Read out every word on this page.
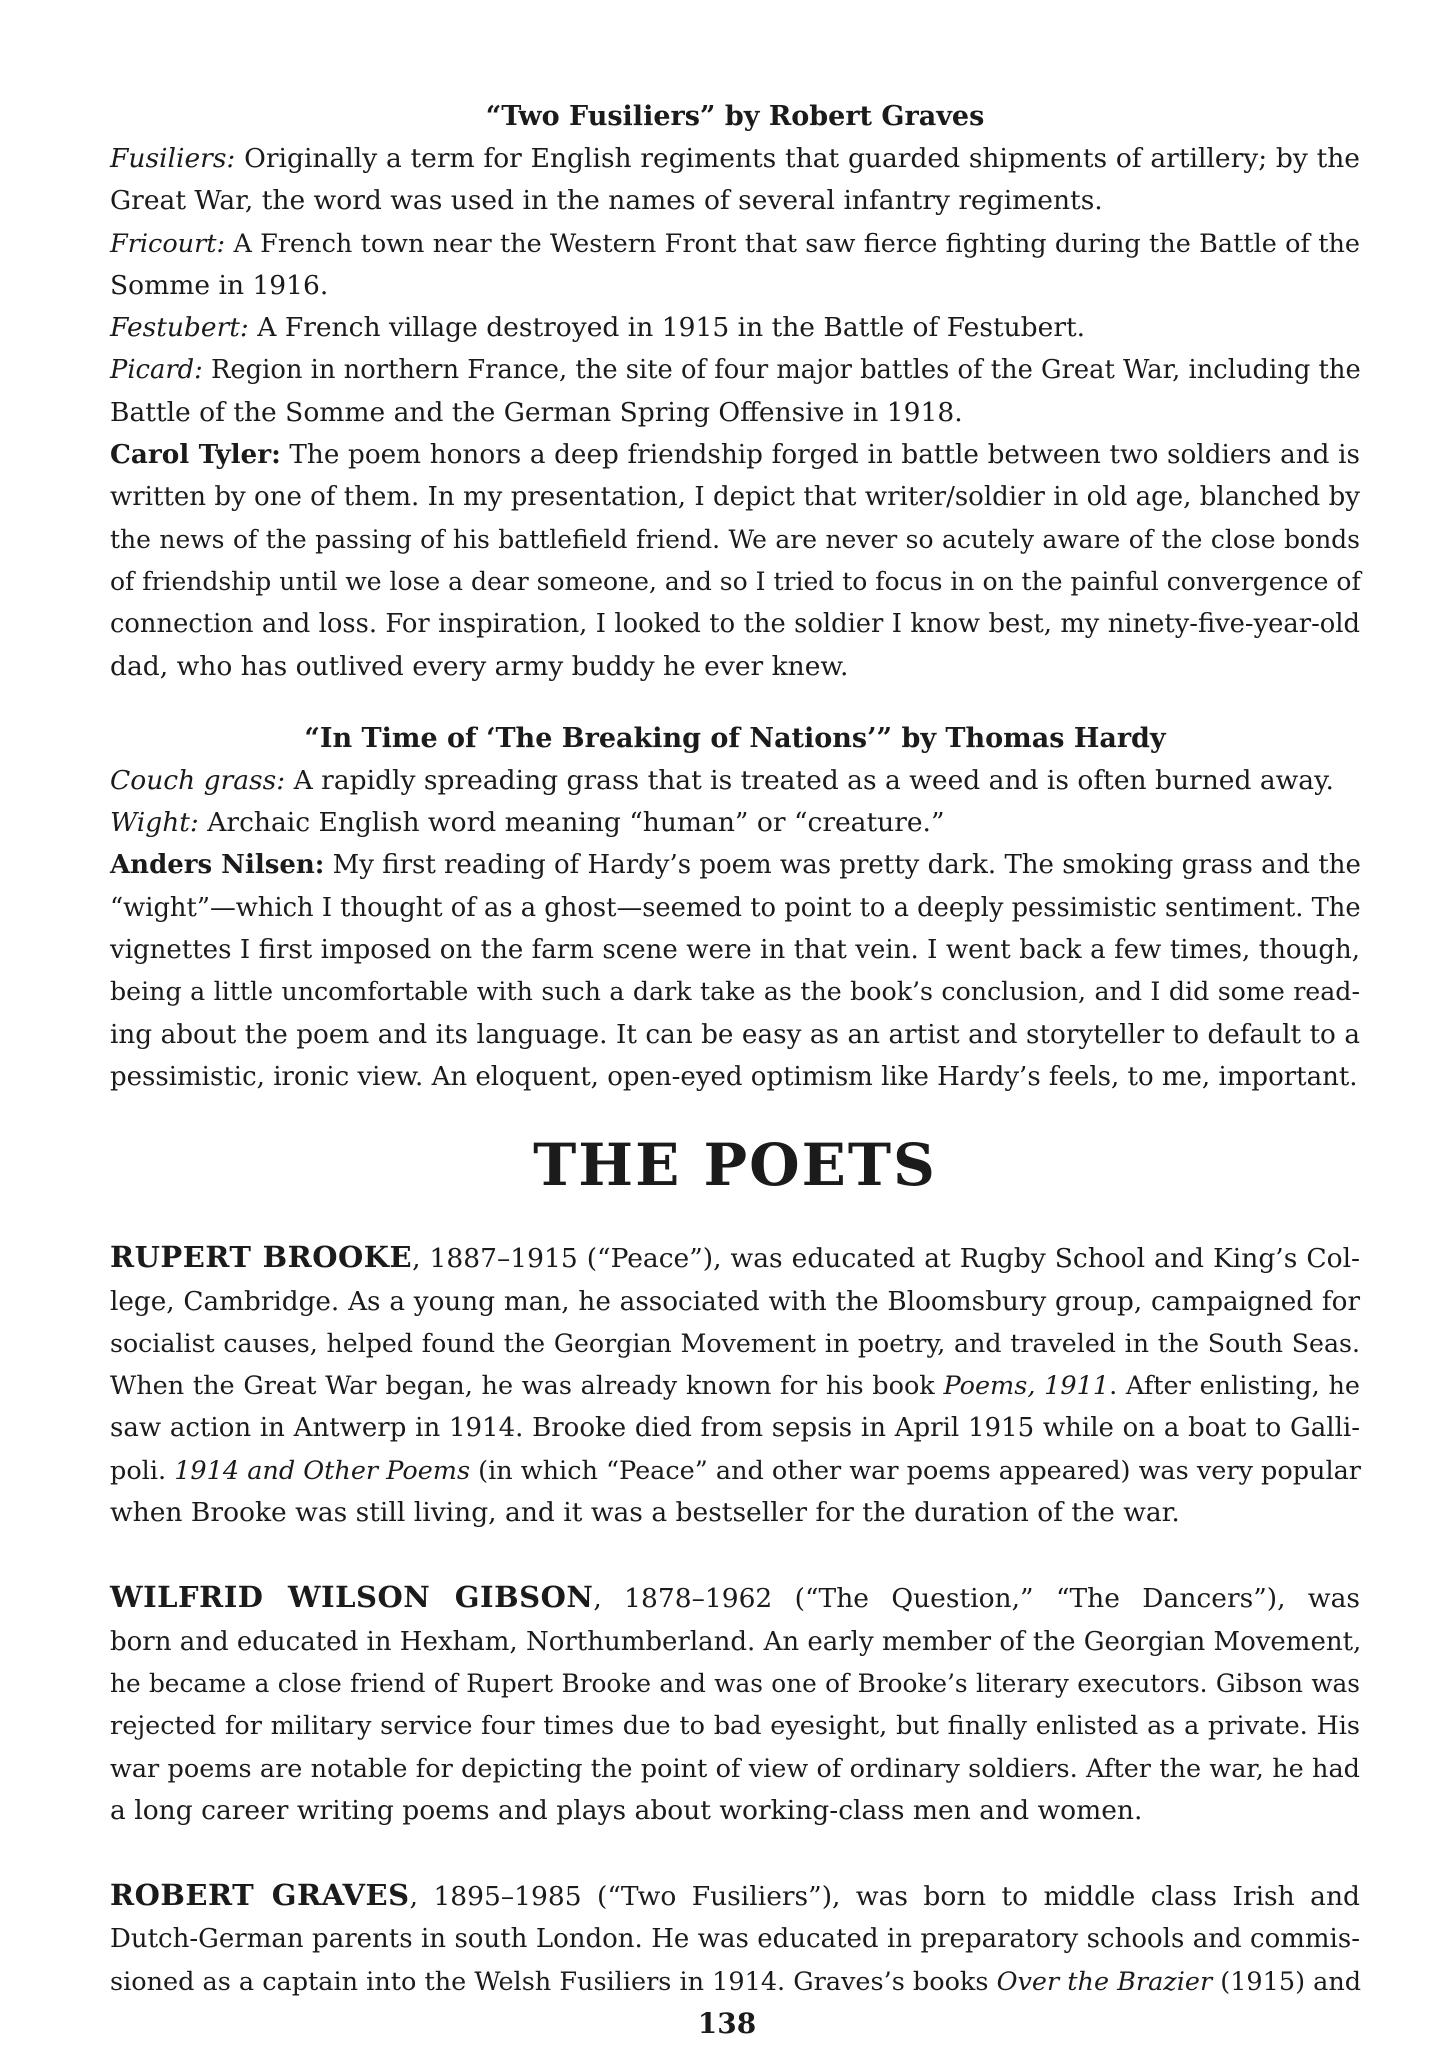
“Two Fusiliers” by Robert Graves
Fusiliers: Originally a term for English regiments that guarded shipments of artillery; by the
Great War, the word was used in the names of several infantry regiments.
Fricourt: A French town near the Western Front that saw fierce fighting during the Battle of the
Somme in 1916.
Festubert: A French village destroyed in 1915 in the Battle of Festubert.
Picard: Region in northern France, the site of four major battles of the Great War, including the
Battle of the Somme and the German Spring Offensive in 1918.
Carol Tyler: The poem honors a deep friendship forged in battle between two soldiers and is
written by one of them. In my presentation, I depict that writer/soldier in old age, blanched by
the news of the passing of his battlefield friend. We are never so acutely aware of the close bonds
of friendship until we lose a dear someone, and so I tried to focus in on the painful convergence of
connection and loss. For inspiration, I looked to the soldier I know best, my ninety-five-year-old
dad, who has outlived every army buddy he ever knew.
“In Time of ‘The Breaking of Nations’” by Thomas Hardy
Couch grass: A rapidly spreading grass that is treated as a weed and is often burned away.
Wight: Archaic English word meaning “human” or “creature.”
Anders Nilsen: My first reading of Hardy’s poem was pretty dark. The smoking grass and the
“wight”—which I thought of as a ghost—seemed to point to a deeply pessimistic sentiment. The
vignettes I first imposed on the farm scene were in that vein. I went back a few times, though,
being a little uncomfortable with such a dark take as the book’s conclusion, and I did some read-
ing about the poem and its language. It can be easy as an artist and storyteller to default to a
pessimistic, ironic view. An eloquent, open-eyed optimism like Hardy’s feels, to me, important.
THE POETS
RUPERT BROOKE, 1887–1915 (“Peace”), was educated at Rugby School and King’s Col-
lege, Cambridge. As a young man, he associated with the Bloomsbury group, campaigned for
socialist causes, helped found the Georgian Movement in poetry, and traveled in the South Seas.
When the Great War began, he was already known for his book Poems, 1911. After enlisting, he
saw action in Antwerp in 1914. Brooke died from sepsis in April 1915 while on a boat to Galli-
poli. 1914 and Other Poems (in which “Peace” and other war poems appeared) was very popular
when Brooke was still living, and it was a bestseller for the duration of the war.
WILFRID WILSON GIBSON, 1878–1962 (“The Question,” “The Dancers”), was
born and educated in Hexham, Northumberland. An early member of the Georgian Movement,
he became a close friend of Rupert Brooke and was one of Brooke’s literary executors. Gibson was
rejected for military service four times due to bad eyesight, but finally enlisted as a private. His
war poems are notable for depicting the point of view of ordinary soldiers. After the war, he had
a long career writing poems and plays about working-class men and women.
ROBERT GRAVES, 1895–1985 (“Two Fusiliers”), was born to middle class Irish and
Dutch-German parents in south London. He was educated in preparatory schools and commis-
sioned as a captain into the Welsh Fusiliers in 1914. Graves’s books Over the Brazier (1915) and
138
